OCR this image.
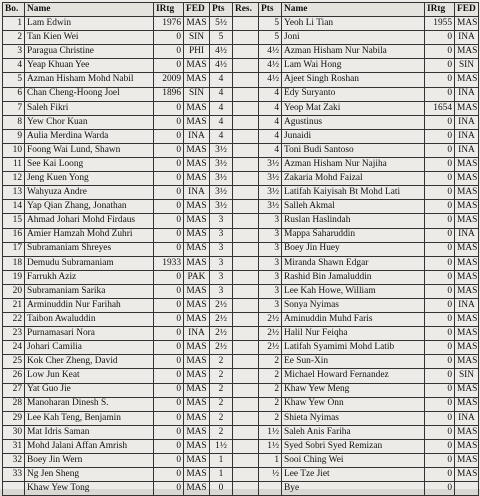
Bo.	Name	IRtg	FED	Pts	Res.	Pts	Name	IRtg	FED
1	Lam Edwin	1976	MAS	5½		5	Yeoh Li Tian	1955	MAS
2	Tan Kien Wei	0	SIN	5		5	Joni	0	INA
3	Paragua Christine	0	PHI	4½		4½	Azman Hisham Nur Nabila	0	MAS
4	Yeap Khuan Yee	0	MAS	4½		4½	Lam Wai Hong	0	SIN
5	Azman Hisham Mohd Nabil	2009	MAS	4		4½	Ajeet Singh Roshan	0	MAS
6	Chan Cheng-Hoong Joel	1896	SIN	4		4	Edy Suryanto	0	INA
7	Saleh Fikri	0	MAS	4		4	Yeop Mat Zaki	1654	MAS
8	Yew Chor Kuan	0	MAS	4		4	Agustinus	0	INA
9	Aulia Merdina Warda	0	INA	4		4	Junaidi	0	INA
10	Foong Wai Lund, Shawn	0	MAS	3½		4	Toni Budi Santoso	0	INA
11	See Kai Loong	0	MAS	3½		3½	Azman Hisham Nur Najiha	0	MAS
12	Jeng Kuen Yong	0	MAS	3½		3½	Zakaria Mohd Faizal	0	MAS
13	Wahyuza Andre	0	INA	3½		3½	Latifah Kaiyisah Bt Mohd Lati	0	MAS
14	Yap Qian Zhang, Jonathan	0	MAS	3½		3½	Salleh Akmal	0	MAS
15	Ahmad Johari Mohd Firdaus	0	MAS	3		3	Ruslan Haslindah	0	MAS
16	Amier Hamzah Mohd Zuhri	0	MAS	3		3	Mappa Saharuddin	0	INA
17	Subramaniam Shreyes	0	MAS	3		3	Boey Jin Huey	0	MAS
18	Demudu Subramaniam	1933	MAS	3		3	Miranda Shawn Edgar	0	MAS
19	Farrukh Aziz	0	PAK	3		3	Rashid Bin Jamaluddin	0	MAS
20	Subramaniam Sarika	0	MAS	3		3	Lee Kah Howe, William	0	MAS
21	Arminuddin Nur Farihah	0	MAS	2½		3	Sonya Nyimas	0	INA
22	Taibon Awaluddin	0	MAS	2½		2½	Aminuddin Muhd Faris	0	MAS
23	Purnamasari Nora	0	INA	2½		2½	Halil Nur Feiqha	0	MAS
24	Johari Camilia	0	MAS	2½		2½	Latifah Syamimi Mohd Latib	0	MAS
25	Kok Cher Zheng, David	0	MAS	2		2	Ee Sun-Xin	0	MAS
26	Low Jun Keat	0	MAS	2		2	Michael Howard Fernandez	0	SIN
27	Yat Guo Jie	0	MAS	2		2	Khaw Yew Meng	0	MAS
28	Manoharan Dinesh S.	0	MAS	2		2	Khaw Yew Onn	0	MAS
29	Lee Kah Teng, Benjamin	0	MAS	2		2	Shieta Nyimas	0	INA
30	Mat Idris Saman	0	MAS	2		1½	Saleh Anis Fariha	0	MAS
31	Mohd Jalani Affan Amrish	0	MAS	1½		1½	Syed Sobri Syed Remizan	0	MAS
32	Boey Jin Wern	0	MAS	1		1	Sooi Ching Wei	0	MAS
33	Ng Jen Sheng	0	MAS	1		½	Lee Tze Jiet	0	MAS
	Khaw Yew Tong	0	MAS	0			Bye	0	
